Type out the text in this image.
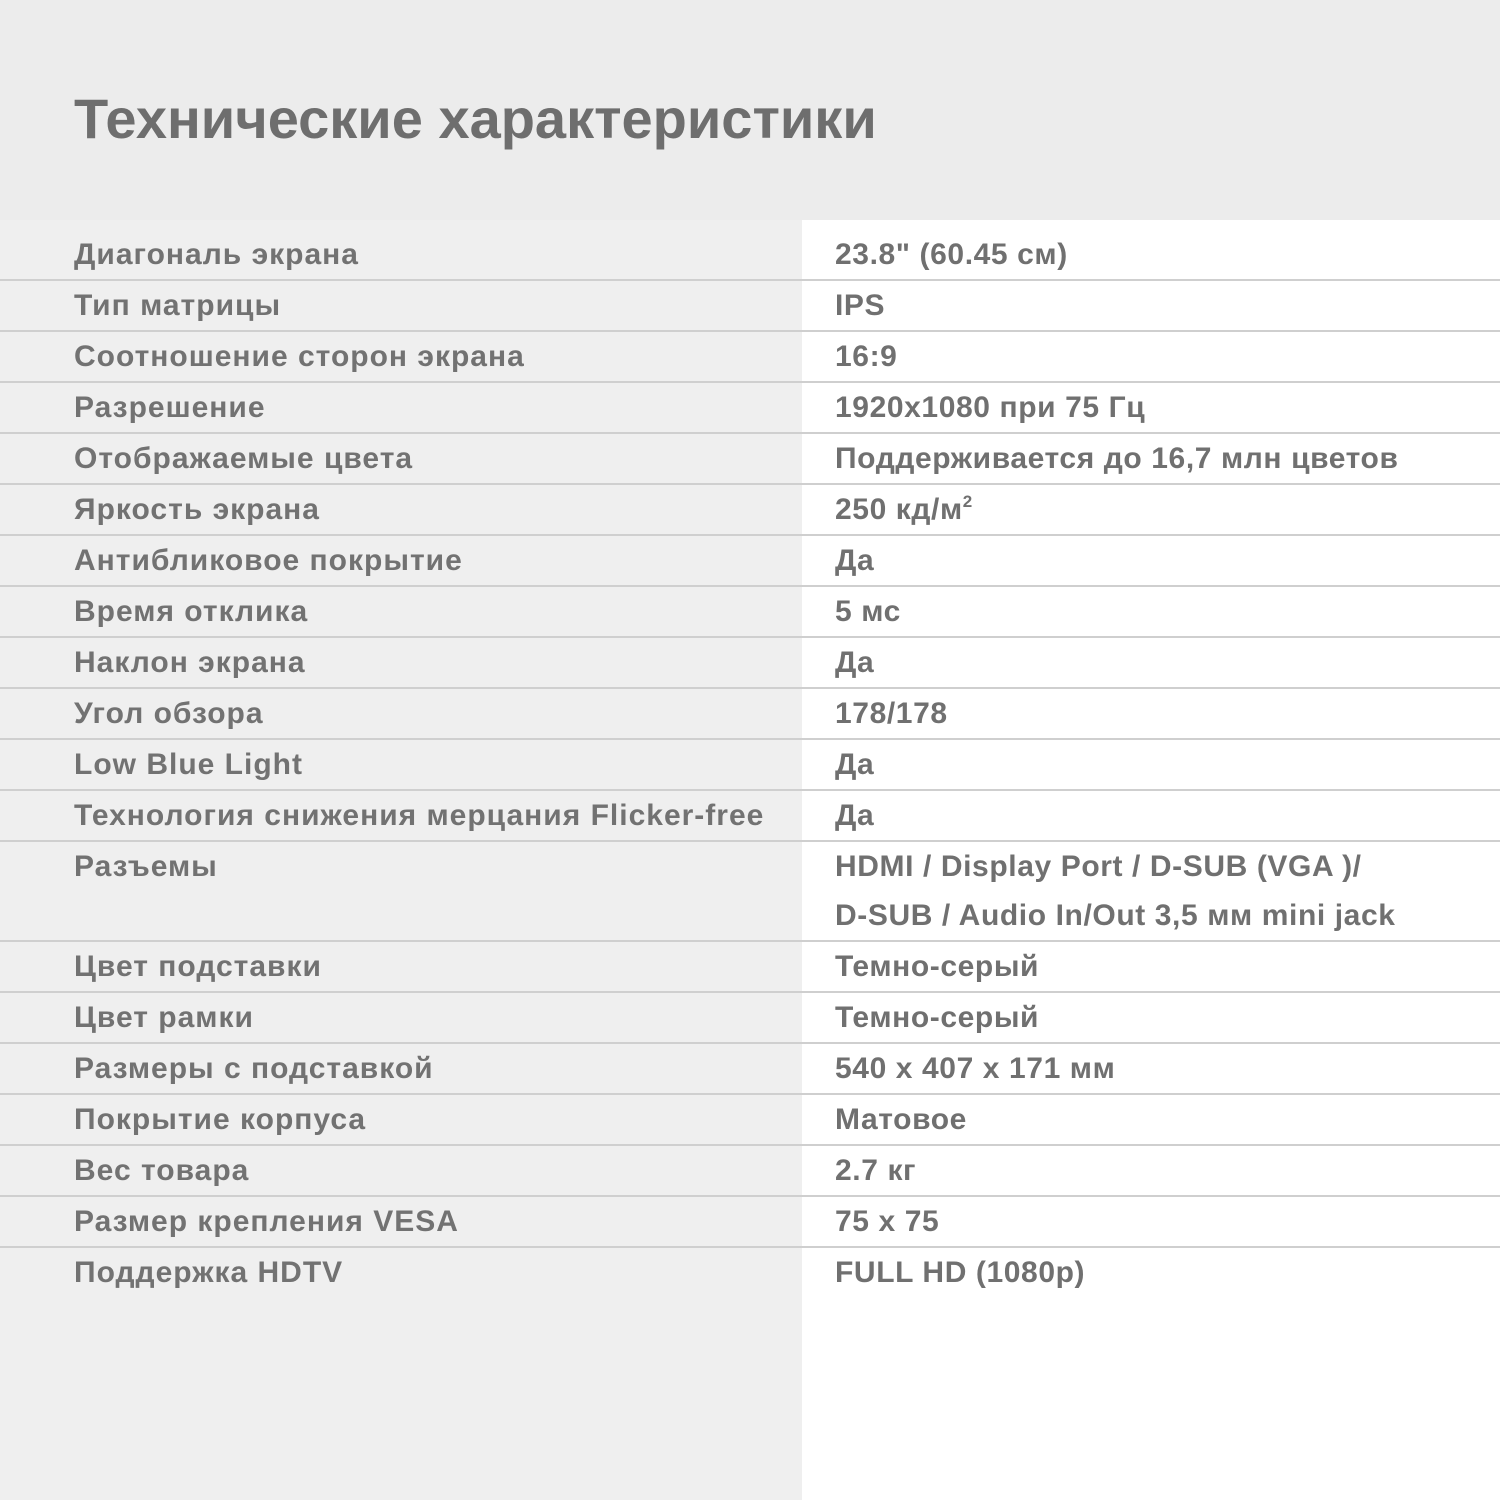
Технические характеристики
Диагональ экрана	23.8" (60.45 см)
Тип матрицы	IPS
Соотношение сторон экрана	16:9
Разрешение	1920x1080 при 75 Гц
Отображаемые цвета	Поддерживается до 16,7 млн цветов
Яркость экрана	250 $кд/м^2$
Антибликовое покрытие	Да
Время отклика	5 мс
Наклон экрана	Да
Угол обзора	178/178
Low Blue Light	Да
Технология снижения мерцания Flicker-free	Да
Разъемы	HDMI / Display Port / D-SUB (VGA )/
D-SUB / Audio In/Out 3,5 мм mini jack
Цвет подставки	Темно-серый
Цвет рамки	Темно-серый
Размеры с подставкой	540 x 407 x 171 мм
Покрытие корпуса	Матовое
Вес товара	2.7 кг
Размер крепления VESA	75 x 75
Поддержка HDTV	FULL HD (1080p)
